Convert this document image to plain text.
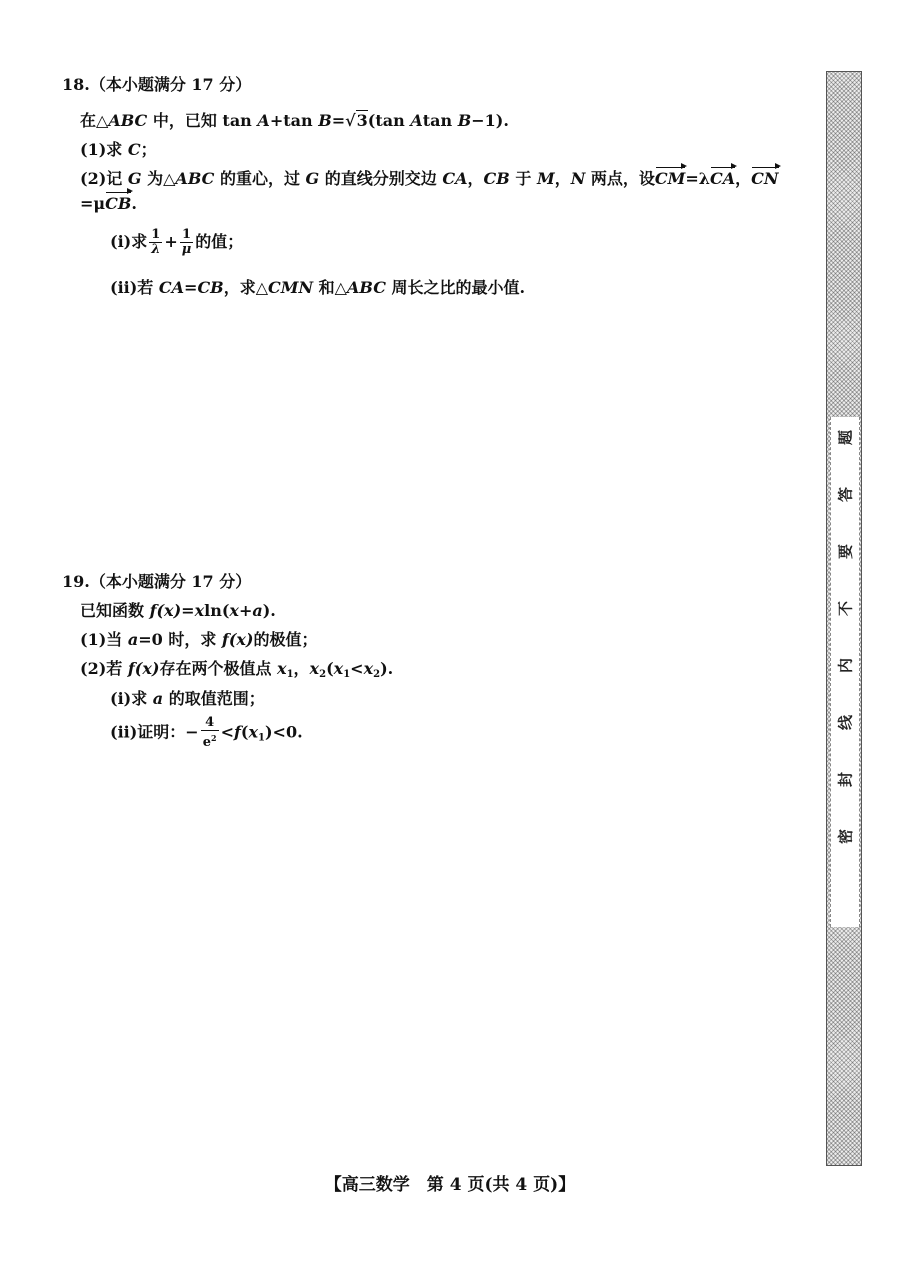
18.（本小题满分 17 分）
在△ABC 中，已知 tan A+tan B=√3(tan Atan B−1).
(1)求 C；
(2)记 G 为△ABC 的重心，过 G 的直线分别交边 CA，CB 于 M，N 两点，设CM=λCA，CN
=μCB.
(i)求 $\frac{1}{\lambda} + \frac{1}{\mu}$ 的值；
(ii)若 CA=CB，求△CMN 和△ABC 周长之比的最小值.
19.（本小题满分 17 分）
已知函数 f(x)=xln(x+a).
(1)当 a=0 时，求 f(x)的极值；
(2)若 f(x)存在两个极值点 $x_1$，$x_2(x_1<x_2)$.
(i)求 a 的取值范围；
(ii)证明：− $\frac{4}{e^2} <f(x_1)<0$.
题
答
要
不
内
线
封
密
【高三数学　第 4 页(共 4 页)】
